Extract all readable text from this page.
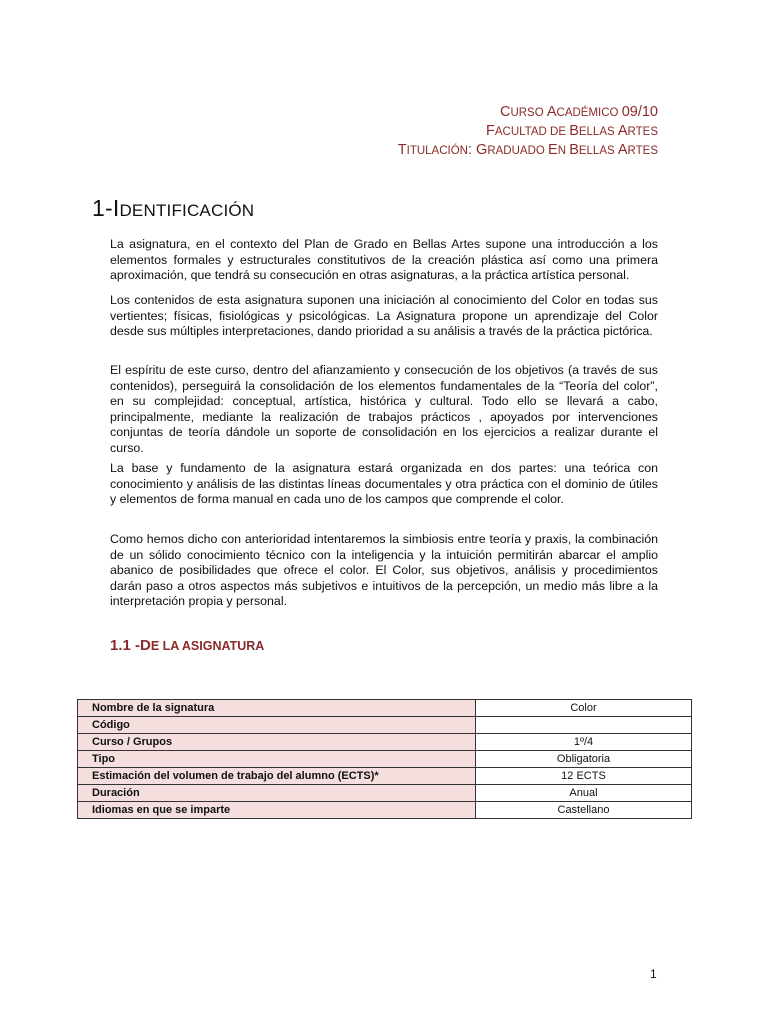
CURSO ACADÉMICO 09/10
FACULTAD DE BELLAS ARTES
TITULACIÓN: GRADUADO EN BELLAS ARTES
1-IDENTIFICACIÓN

La asignatura, en el contexto del Plan de Grado en Bellas Artes supone una introducción a los elementos formales y estructurales constitutivos de la creación plástica así como una primera aproximación, que tendrá su consecución en otras asignaturas, a la práctica artística personal.

Los contenidos de esta asignatura suponen una iniciación al conocimiento del Color en todas sus vertientes; físicas, fisiológicas y psicológicas. La Asignatura propone un aprendizaje del Color desde sus múltiples interpretaciones, dando prioridad a su análisis a través de la práctica pictórica.

El espíritu de este curso, dentro del afianzamiento y consecución de los objetivos (a través de sus contenidos), perseguirá la consolidación de los elementos fundamentales de la “Teoría del color”, en su complejidad: conceptual, artística, histórica y cultural. Todo ello se llevará a cabo, principalmente, mediante la realización de trabajos prácticos , apoyados por intervenciones conjuntas de teoría dándole un soporte de consolidación en los ejercicios a realizar durante el curso.

La base y fundamento de la asignatura estará organizada en dos partes: una teórica con conocimiento y análisis de las distintas líneas documentales y otra práctica con el dominio de útiles y elementos de forma manual en cada uno de los campos que comprende el color.

Como hemos dicho con anterioridad intentaremos la simbiosis entre teoría y praxis, la combinación de un sólido conocimiento técnico con la inteligencia y la intuición permitirán abarcar el amplio abanico de posibilidades que ofrece el color. El Color, sus objetivos, análisis y procedimientos darán paso a otros aspectos más subjetivos e intuitivos de la percepción, un medio más libre a la interpretación propia y personal.

1.1 -DE LA ASIGNATURA
Nombre de la signatura	Color
Código	
Curso / Grupos	1º/4
Tipo	Obligatoria
Estimación del volumen de trabajo del alumno (ECTS)*	12 ECTS
Duración	Anual
Idiomas en que se imparte	Castellano
1
